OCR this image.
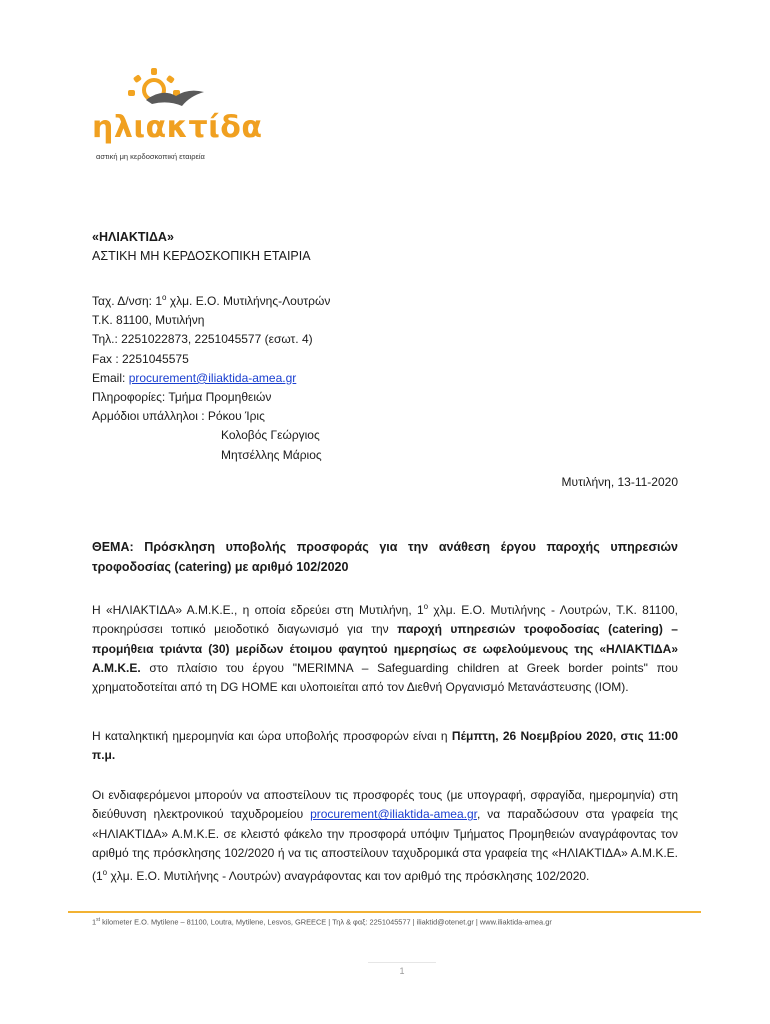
ηλιακτίδα
αστική μη κερδοσκοπική εταιρεία
«ΗΛΙΑΚΤΙΔΑ»
ΑΣΤΙΚΗ ΜΗ ΚΕΡΔΟΣΚΟΠΙΚΗ ΕΤΑΙΡΙΑ
Ταχ. Δ/νση: $1^o$ χλμ. Ε.Ο. Μυτιλήνης-Λουτρών
Τ.Κ. 81100, Μυτιλήνη
Τηλ.: 2251022873, 2251045577 (εσωτ. 4)
Fax : 2251045575
Email: procurement@iliaktida-amea.gr
Πληροφορίες: Τμήμα Προμηθειών
Αρμόδιοι υπάλληλοι : Ρόκου Ίρις
Κολοβός Γεώργιος
Μητσέλλης Μάριος
Μυτιλήνη, 13-11-2020

ΘΕΜΑ: Πρόσκληση υποβολής προσφοράς για την ανάθεση έργου παροχής υπηρεσιών τροφοδοσίας (catering) με αριθμό 102/2020

Η «ΗΛΙΑΚΤΙΔΑ» Α.Μ.Κ.Ε., η οποία εδρεύει στη Μυτιλήνη, $1^o$ χλμ. Ε.Ο. Μυτιλήνης - Λουτρών, Τ.Κ. 81100, προκηρύσσει τοπικό μειοδοτικό διαγωνισμό για την παροχή υπηρεσιών τροφοδοσίας (catering) – προμήθεια τριάντα (30) μερίδων έτοιμου φαγητού ημερησίως σε ωφελούμενους της «ΗΛΙΑΚΤΙΔΑ» Α.Μ.Κ.Ε. στο πλαίσιο του έργου "MERIMNA – Safeguarding children at Greek border points" που χρηματοδοτείται από τη DG HOME και υλοποιείται από τον Διεθνή Οργανισμό Μετανάστευσης (ΙΟΜ).

Η καταληκτική ημερομηνία και ώρα υποβολής προσφορών είναι η Πέμπτη, 26 Νοεμβρίου 2020, στις 11:00 π.μ.

Οι ενδιαφερόμενοι μπορούν να αποστείλουν τις προσφορές τους (με υπογραφή, σφραγίδα, ημερομηνία) στη διεύθυνση ηλεκτρονικού ταχυδρομείου procurement@iliaktida-amea.gr, να παραδώσουν στα γραφεία της «ΗΛΙΑΚΤΙΔΑ» Α.Μ.Κ.Ε. σε κλειστό φάκελο την προσφορά υπόψιν Τμήματος Προμηθειών αναγράφοντας τον αριθμό της πρόσκλησης 102/2020 ή να τις αποστείλουν ταχυδρομικά στα γραφεία της «ΗΛΙΑΚΤΙΔΑ» Α.Μ.Κ.Ε. ($1^o$ χλμ. Ε.Ο. Μυτιλήνης - Λουτρών) αναγράφοντας και τον αριθμό της πρόσκλησης 102/2020.

1st kilometer E.O. Mytilene – 81100, Loutra, Mytilene, Lesvos, GREECE | Τηλ & φαξ: 2251045577 | iliaktid@otenet.gr | www.iliaktida-amea.gr
1
